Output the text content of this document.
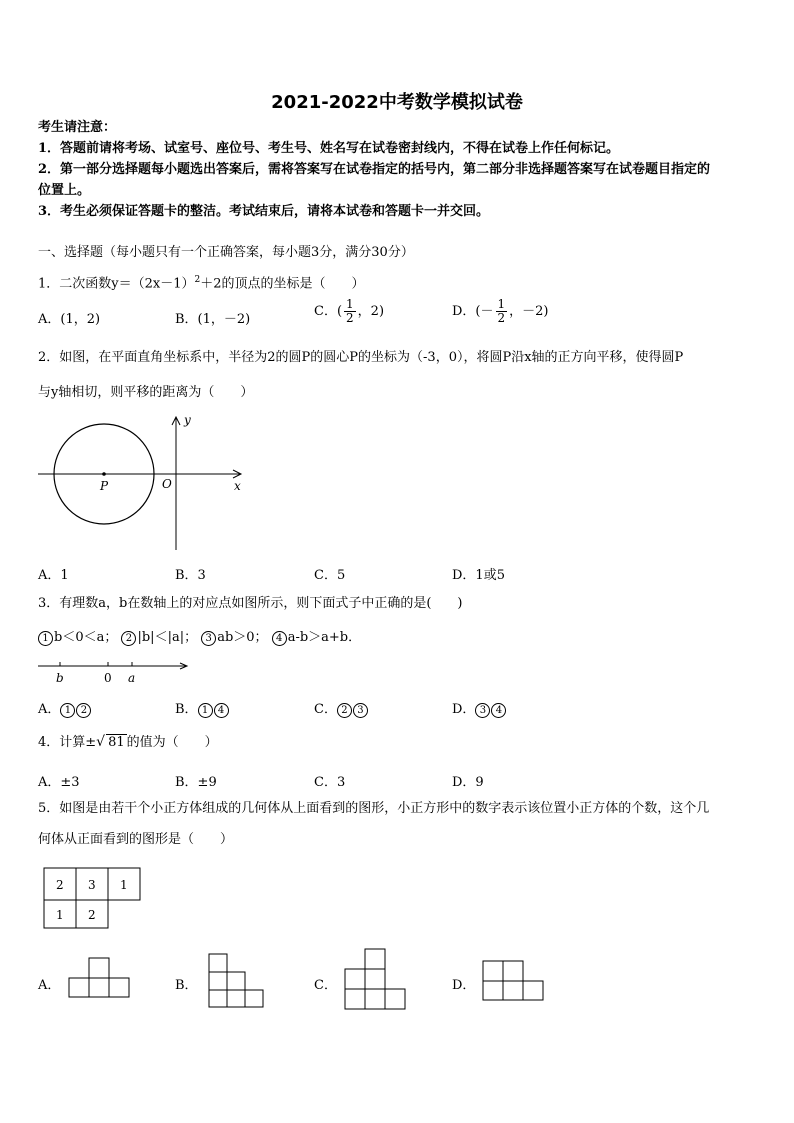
2021-2022中考数学模拟试卷
考生请注意：
1．答题前请将考场、试室号、座位号、考生号、姓名写在试卷密封线内，不得在试卷上作任何标记。
2．第一部分选择题每小题选出答案后，需将答案写在试卷指定的括号内，第二部分非选择题答案写在试卷题目指定的
位置上。
3．考生必须保证答题卡的整洁。考试结束后，请将本试卷和答题卡一并交回。
一、选择题（每小题只有一个正确答案，每小题3分，满分30分）
1．二次函数$y=(2x-1)^2+2$的顶点的坐标是（　　）
A．(1，2)	B．(1，－2)
C．( $\frac{1}{2}$ ，2)	D．(－ $\frac{1}{2}$ ，－2)
2．如图，在平面直角坐标系中，半径为2的圆P的圆心P的坐标为（-3，0），将圆P沿x轴的正方向平移，使得圆P
与y轴相切，则平移的距离为（　　）
y
x
O
P
A．1	B．3	C．5	D．1或5
3．有理数a，b在数轴上的对应点如图所示，则下面式子中正确的是(　　)
1 b＜0＜a； 2 |b|＜|a|； 3 ab＞0； 4 a-b＞a+b．
b	0 a
A． 1 2	B． 1 4	C． 2 3	D． 3 4
4．计算±√ 81 的值为（　　）
A．±3	B．±9	C．3	D．9
5．如图是由若干个小正方体组成的几何体从上面看到的图形，小正方形中的数字表示该位置小正方体的个数，这个几
何体从正面看到的图形是（　　）
2 3 1
1 2
A．	B．	C．	D．
